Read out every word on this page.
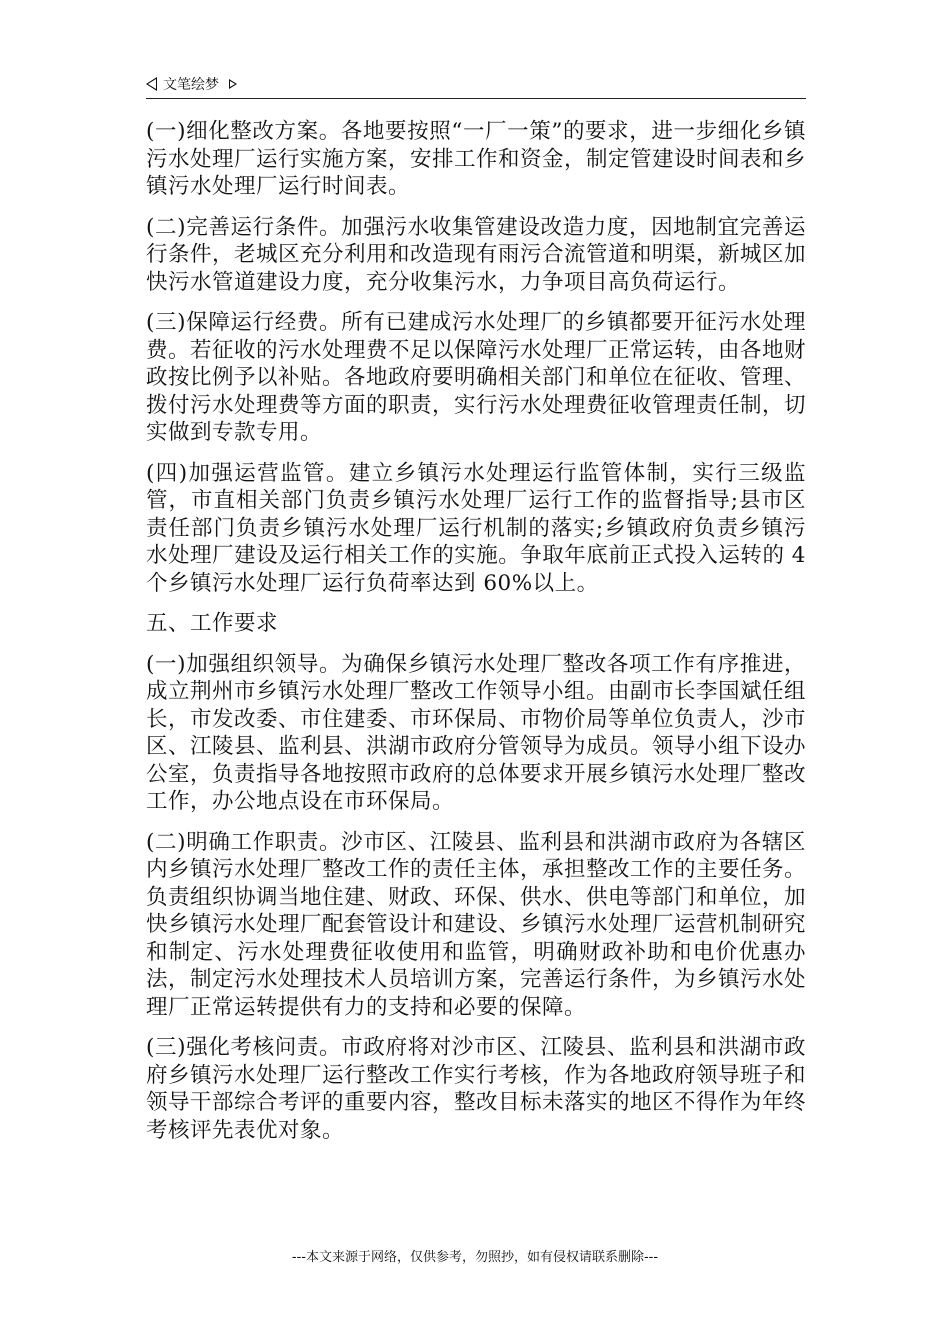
文笔绘梦

(一)细化整改方案。各地要按照“一厂一策”的要求，进一步细化乡镇污水处理厂运行实施方案，安排工作和资金，制定管建设时间表和乡镇污水处理厂运行时间表。

(二)完善运行条件。加强污水收集管建设改造力度，因地制宜完善运行条件，老城区充分利用和改造现有雨污合流管道和明渠，新城区加快污水管道建设力度，充分收集污水，力争项目高负荷运行。

(三)保障运行经费。所有已建成污水处理厂的乡镇都要开征污水处理费。若征收的污水处理费不足以保障污水处理厂正常运转，由各地财政按比例予以补贴。各地政府要明确相关部门和单位在征收、管理、拨付污水处理费等方面的职责，实行污水处理费征收管理责任制，切实做到专款专用。

(四)加强运营监管。建立乡镇污水处理运行监管体制，实行三级监管，市直相关部门负责乡镇污水处理厂运行工作的监督指导;县市区责任部门负责乡镇污水处理厂运行机制的落实;乡镇政府负责乡镇污水处理厂建设及运行相关工作的实施。争取年底前正式投入运转的 4 个乡镇污水处理厂运行负荷率达到 60%以上。

五、工作要求

(一)加强组织领导。为确保乡镇污水处理厂整改各项工作有序推进，成立荆州市乡镇污水处理厂整改工作领导小组。由副市长李国斌任组长，市发改委、市住建委、市环保局、市物价局等单位负责人，沙市区、江陵县、监利县、洪湖市政府分管领导为成员。领导小组下设办公室，负责指导各地按照市政府的总体要求开展乡镇污水处理厂整改工作，办公地点设在市环保局。

(二)明确工作职责。沙市区、江陵县、监利县和洪湖市政府为各辖区内乡镇污水处理厂整改工作的责任主体，承担整改工作的主要任务。负责组织协调当地住建、财政、环保、供水、供电等部门和单位，加快乡镇污水处理厂配套管设计和建设、乡镇污水处理厂运营机制研究和制定、污水处理费征收使用和监管，明确财政补助和电价优惠办法，制定污水处理技术人员培训方案，完善运行条件，为乡镇污水处理厂正常运转提供有力的支持和必要的保障。

(三)强化考核问责。市政府将对沙市区、江陵县、监利县和洪湖市政府乡镇污水处理厂运行整改工作实行考核，作为各地政府领导班子和领导干部综合考评的重要内容，整改目标未落实的地区不得作为年终考核评先表优对象。

---本文来源于网络，仅供参考，勿照抄，如有侵权请联系删除---
